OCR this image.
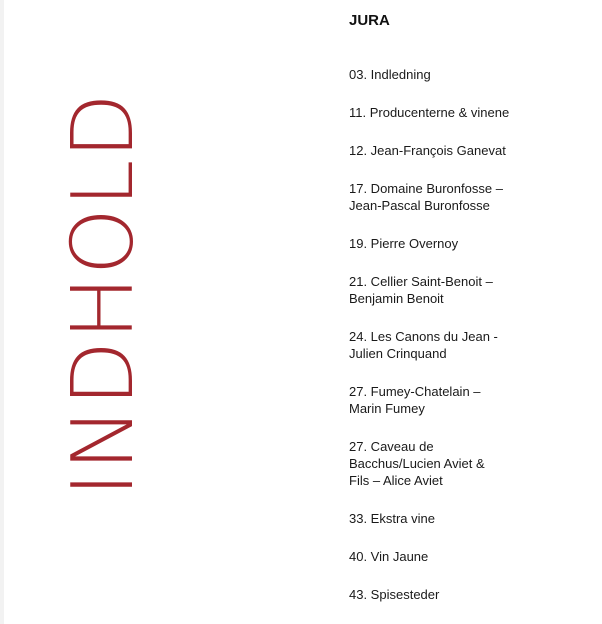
INDHOLD
JURA
03. Indledning
11. Producenterne & vinene
12. Jean-François Ganevat
17. Domaine Buronfosse –
Jean-Pascal Buronfosse
19. Pierre Overnoy
21. Cellier Saint-Benoit –
Benjamin Benoit
24. Les Canons du Jean -
Julien Crinquand
27. Fumey-Chatelain –
Marin Fumey
27. Caveau de
Bacchus/Lucien Aviet &
Fils – Alice Aviet
33. Ekstra vine
40. Vin Jaune
43. Spisesteder
